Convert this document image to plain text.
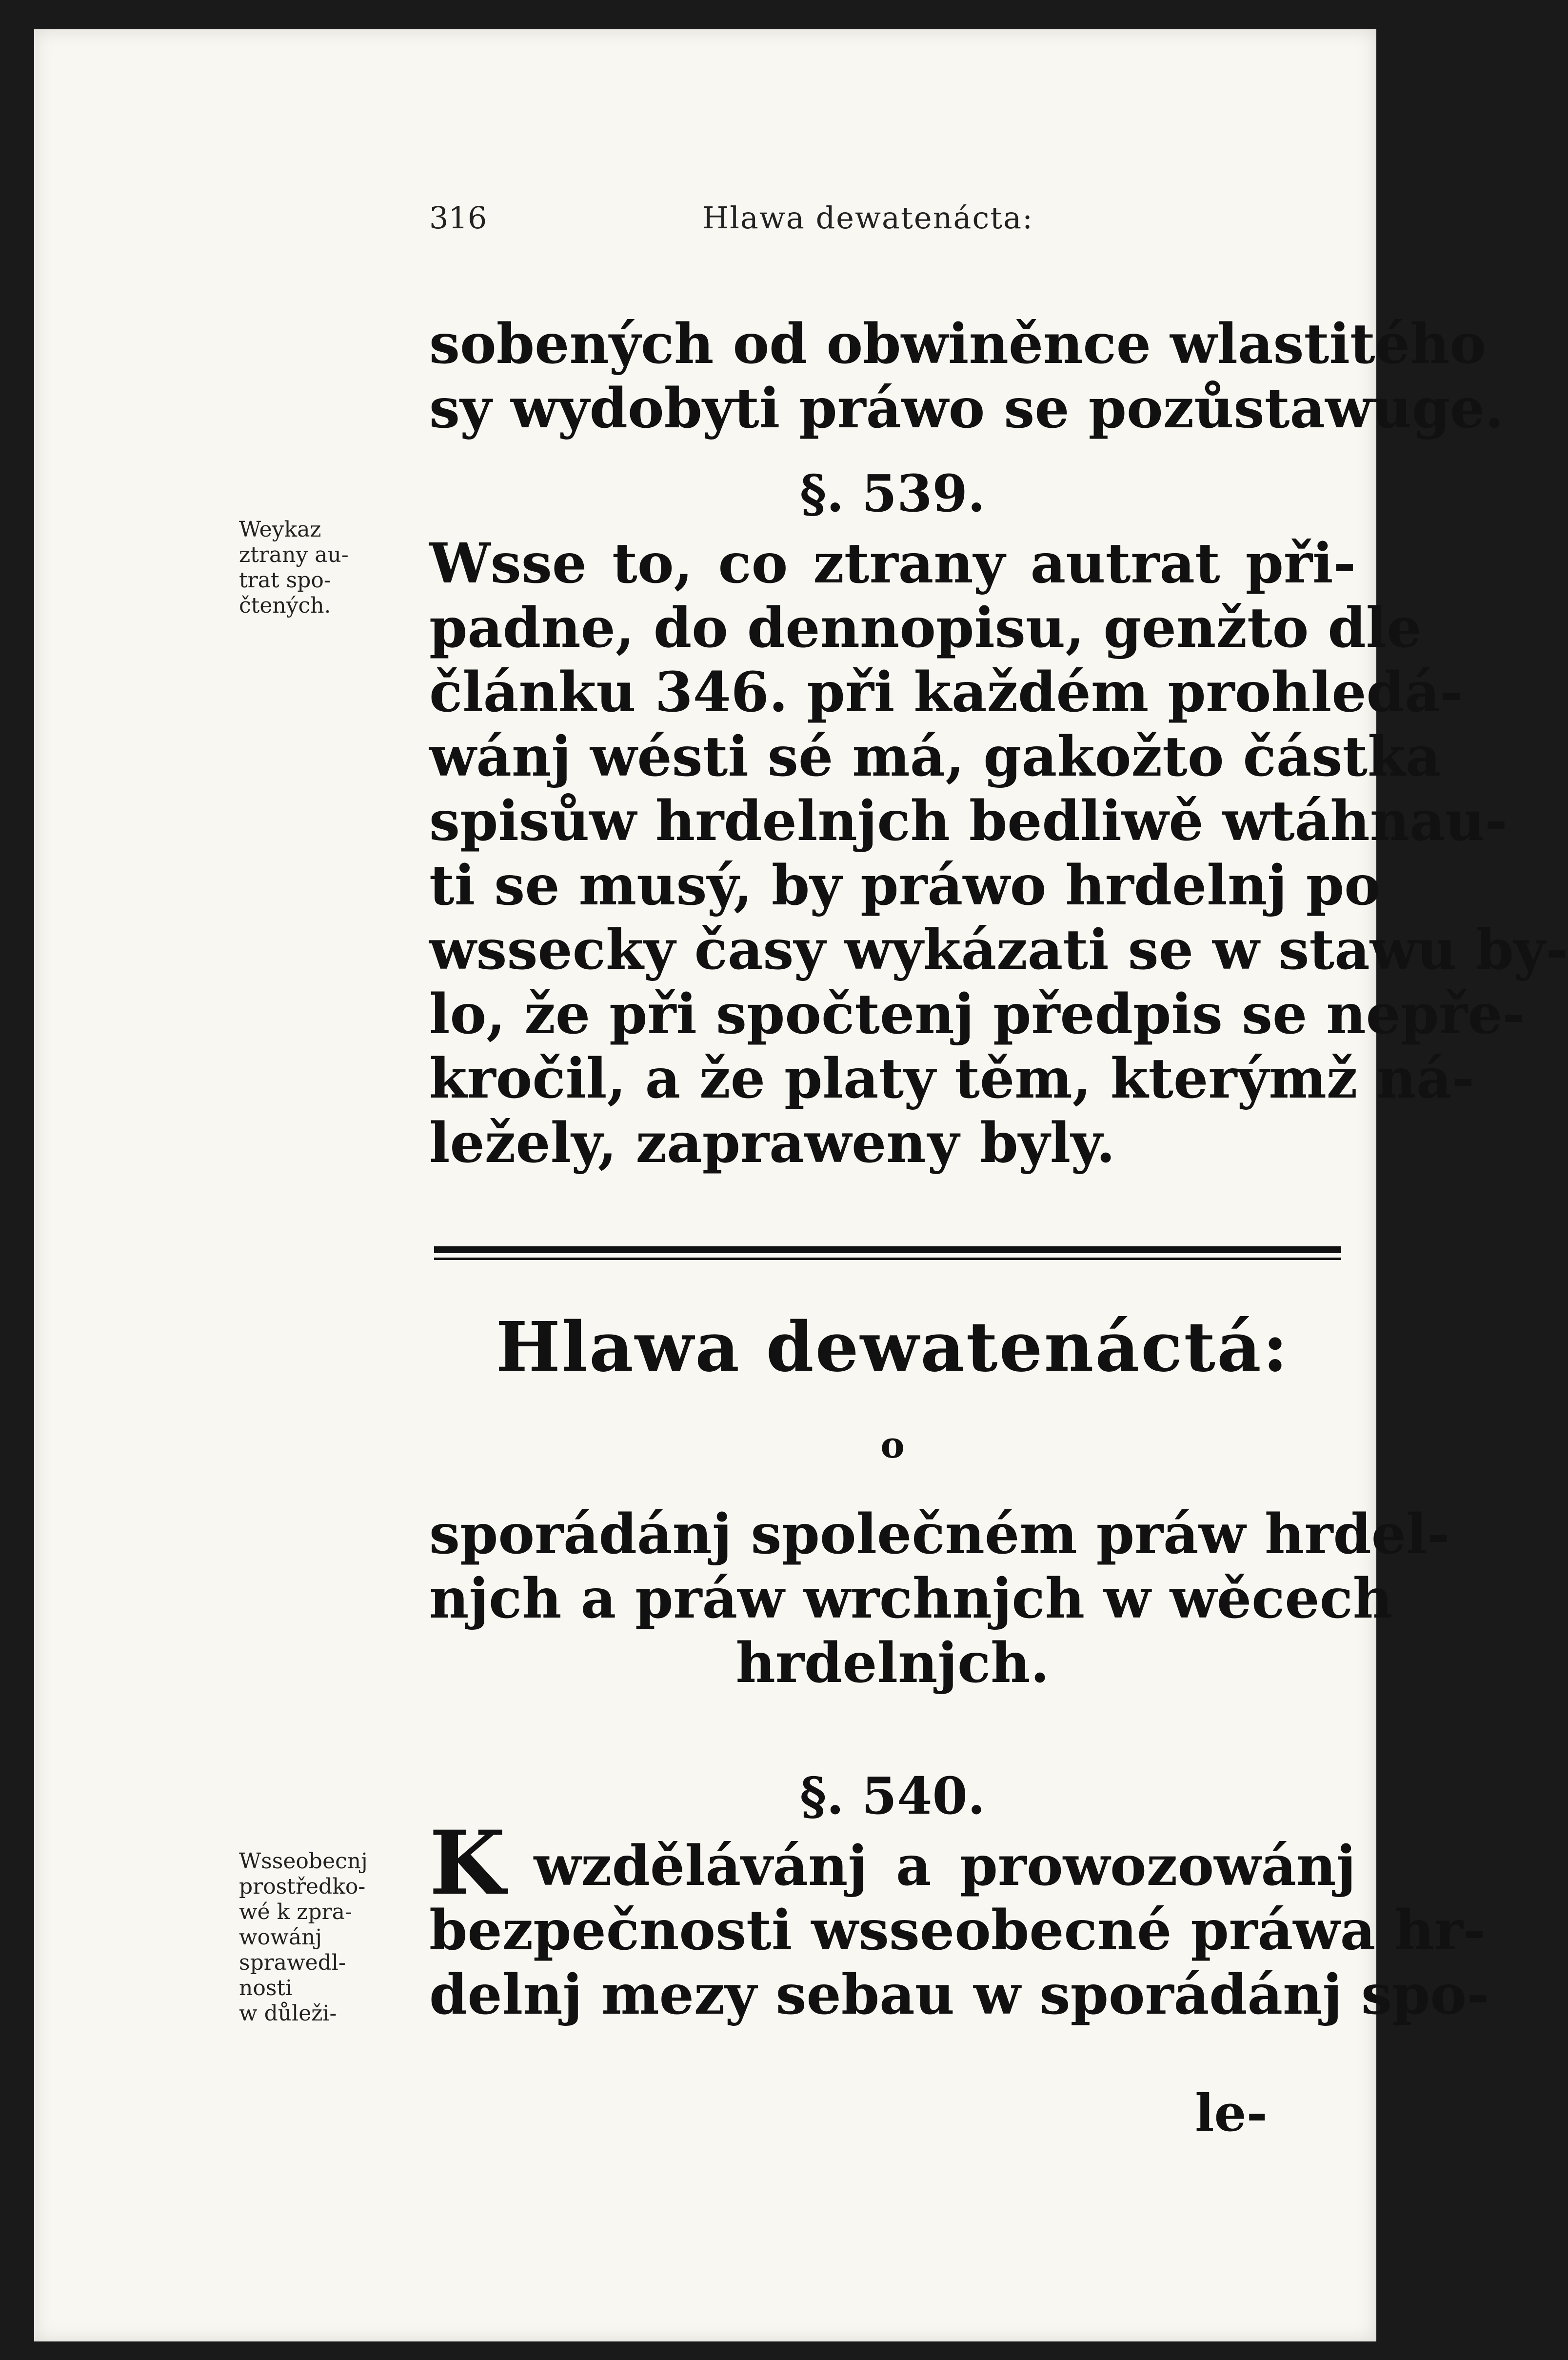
316	Hlawa dewatenácta:
sobených od obwiněnce wlastitého
sy wydobyti práwo se pozůstawuge.
§. 539.
Weykaz
ztrany au-
trat spo-
čtených.
Wsse to, co ztrany autrat při-
padne, do dennopisu, genžto dle
článku 346. při každém prohledá-
wánj wésti sé má, gakožto částka
spisůw hrdelnjch bedliwě wtáhnau-
ti se musý, by práwo hrdelnj po
wssecky časy wykázati se w stawu by-
lo, že při spočtenj předpis se nepře-
kročil, a že platy těm, kterýmž ná-
ležely, zaprawenу byly.
Hlawa dewatenáctá:
o
sporádánj společném práw hrdel-
njch a práw wrchnjch w wěcech
hrdelnjch.
§. 540.
Wsseobecnj
prostředko-
wé k zpra-
wowánj
sprawedl-
nosti
w důleži-
K wzdělávánj a prowozowánj
bezpečnosti wsseobecné práwa hr-
delnj mezy sebau w sporádánj spo-
le-
